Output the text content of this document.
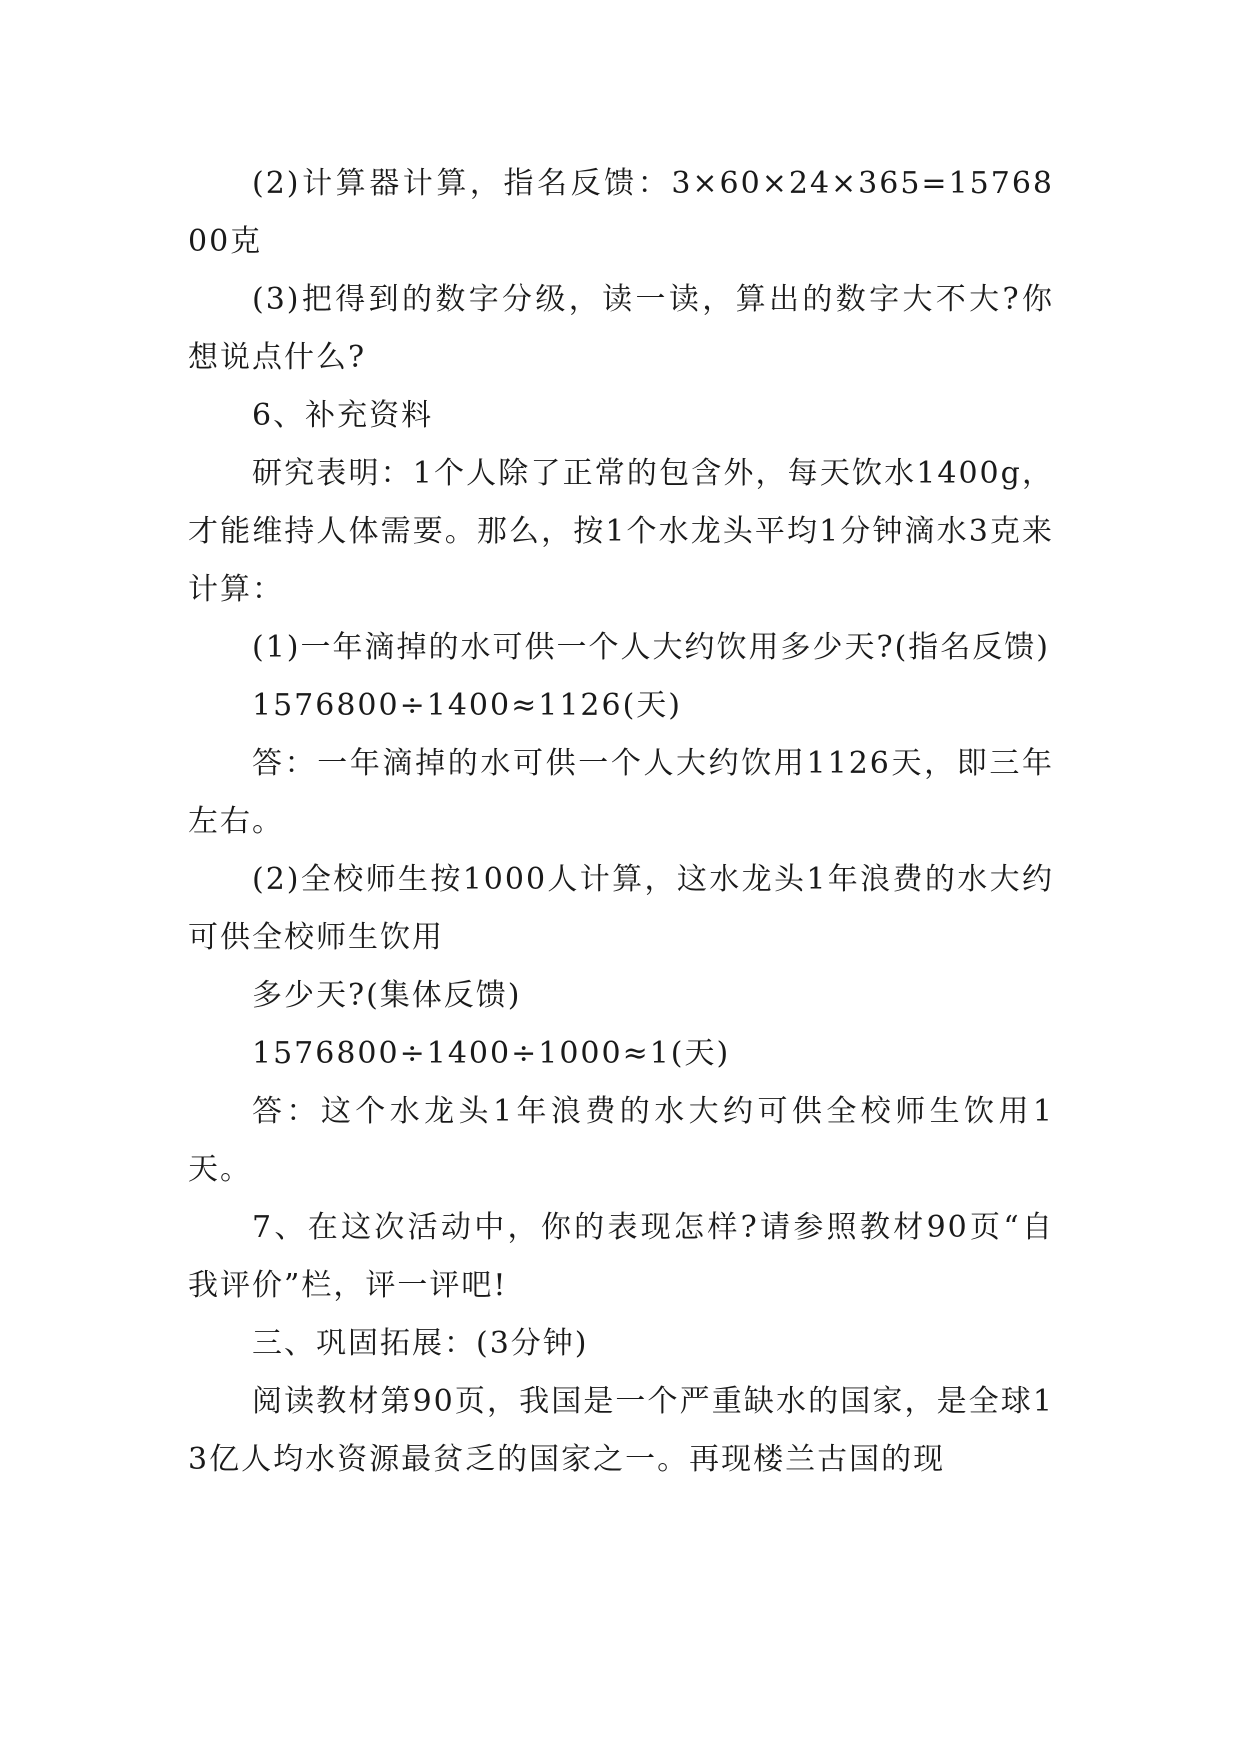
(2)计算器计算，指名反馈：3×60×24×365=1576800克

(3)把得到的数字分级，读一读，算出的数字大不大?你想说点什么?

6、补充资料

研究表明：1个人除了正常的包含外，每天饮水1400g，才能维持人体需要。那么，按1个水龙头平均1分钟滴水3克来计算：

(1)一年滴掉的水可供一个人大约饮用多少天?(指名反馈)

1576800÷1400≈1126(天)

答：一年滴掉的水可供一个人大约饮用1126天，即三年左右。

(2)全校师生按1000人计算，这水龙头1年浪费的水大约可供全校师生饮用

多少天?(集体反馈)

1576800÷1400÷1000≈1(天)

答：这个水龙头1年浪费的水大约可供全校师生饮用1天。

7、在这次活动中，你的表现怎样?请参照教材90页“自我评价”栏，评一评吧!

三、巩固拓展：(3分钟)

阅读教材第90页，我国是一个严重缺水的国家，是全球13亿人均水资源最贫乏的国家之一。再现楼兰古国的现
